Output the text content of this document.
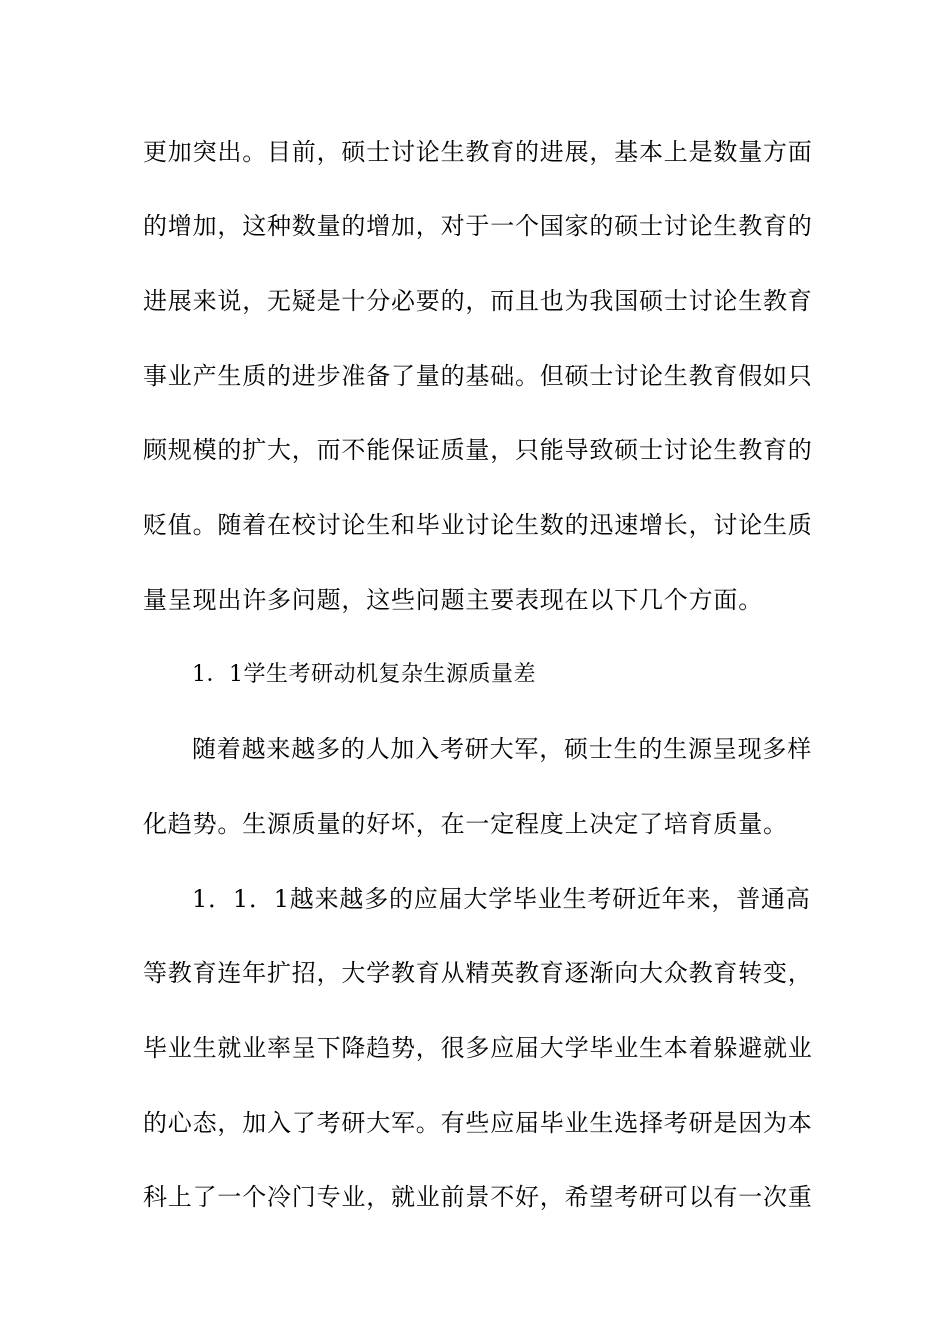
更加突出。目前，硕士讨论生教育的进展，基本上是数量方面
的增加，这种数量的增加，对于一个国家的硕士讨论生教育的
进展来说，无疑是十分必要的，而且也为我国硕士讨论生教育
事业产生质的进步准备了量的基础。但硕士讨论生教育假如只
顾规模的扩大，而不能保证质量，只能导致硕士讨论生教育的
贬值。随着在校讨论生和毕业讨论生数的迅速增长，讨论生质
量呈现出许多问题，这些问题主要表现在以下几个方面。
1．1学生考研动机复杂生源质量差
随着越来越多的人加入考研大军，硕士生的生源呈现多样
化趋势。生源质量的好坏，在一定程度上决定了培育质量。
1．1．1越来越多的应届大学毕业生考研近年来，普通高
等教育连年扩招，大学教育从精英教育逐渐向大众教育转变，
毕业生就业率呈下降趋势，很多应届大学毕业生本着躲避就业
的心态，加入了考研大军。有些应届毕业生选择考研是因为本
科上了一个冷门专业，就业前景不好，希望考研可以有一次重
